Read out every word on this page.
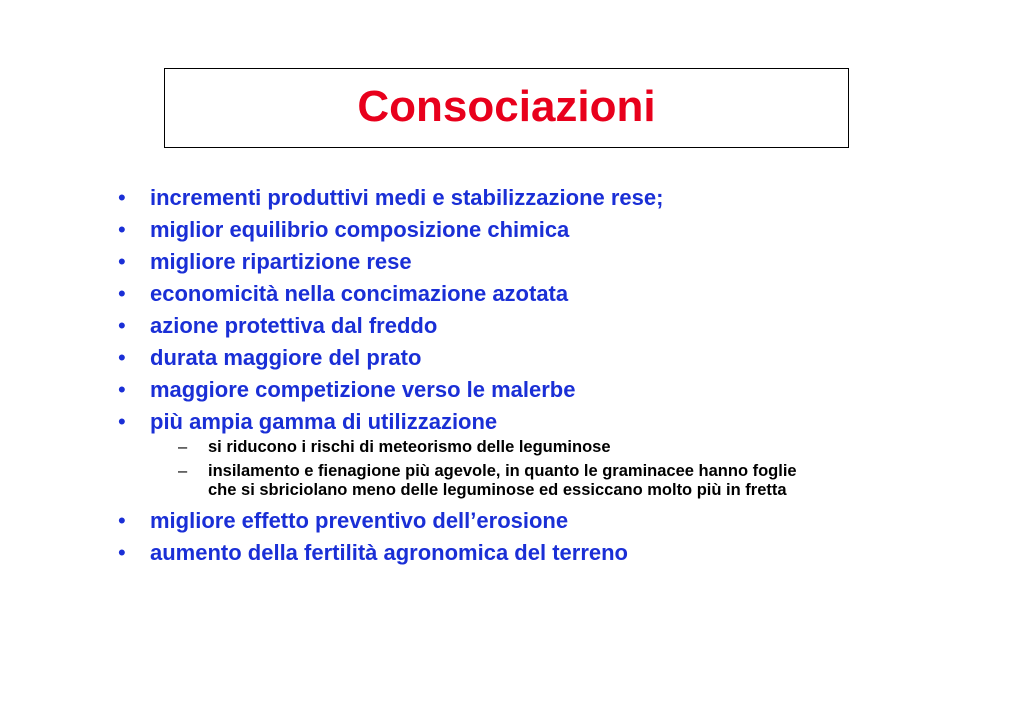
Consociazioni
•	incrementi produttivi medi e stabilizzazione rese;
•	miglior equilibrio composizione chimica
•	migliore ripartizione rese
•	economicità nella concimazione azotata
•	azione protettiva dal freddo
•	durata maggiore del prato
•	maggiore competizione verso le malerbe
•	più ampia gamma di utilizzazione
– si riducono i rischi di meteorismo delle leguminose
– insilamento e fienagione più agevole, in quanto le graminacee hanno foglie
che si sbriciolano meno delle leguminose ed essiccano molto più in fretta
•	migliore effetto preventivo dell’erosione
•	aumento della fertilità agronomica del terreno
